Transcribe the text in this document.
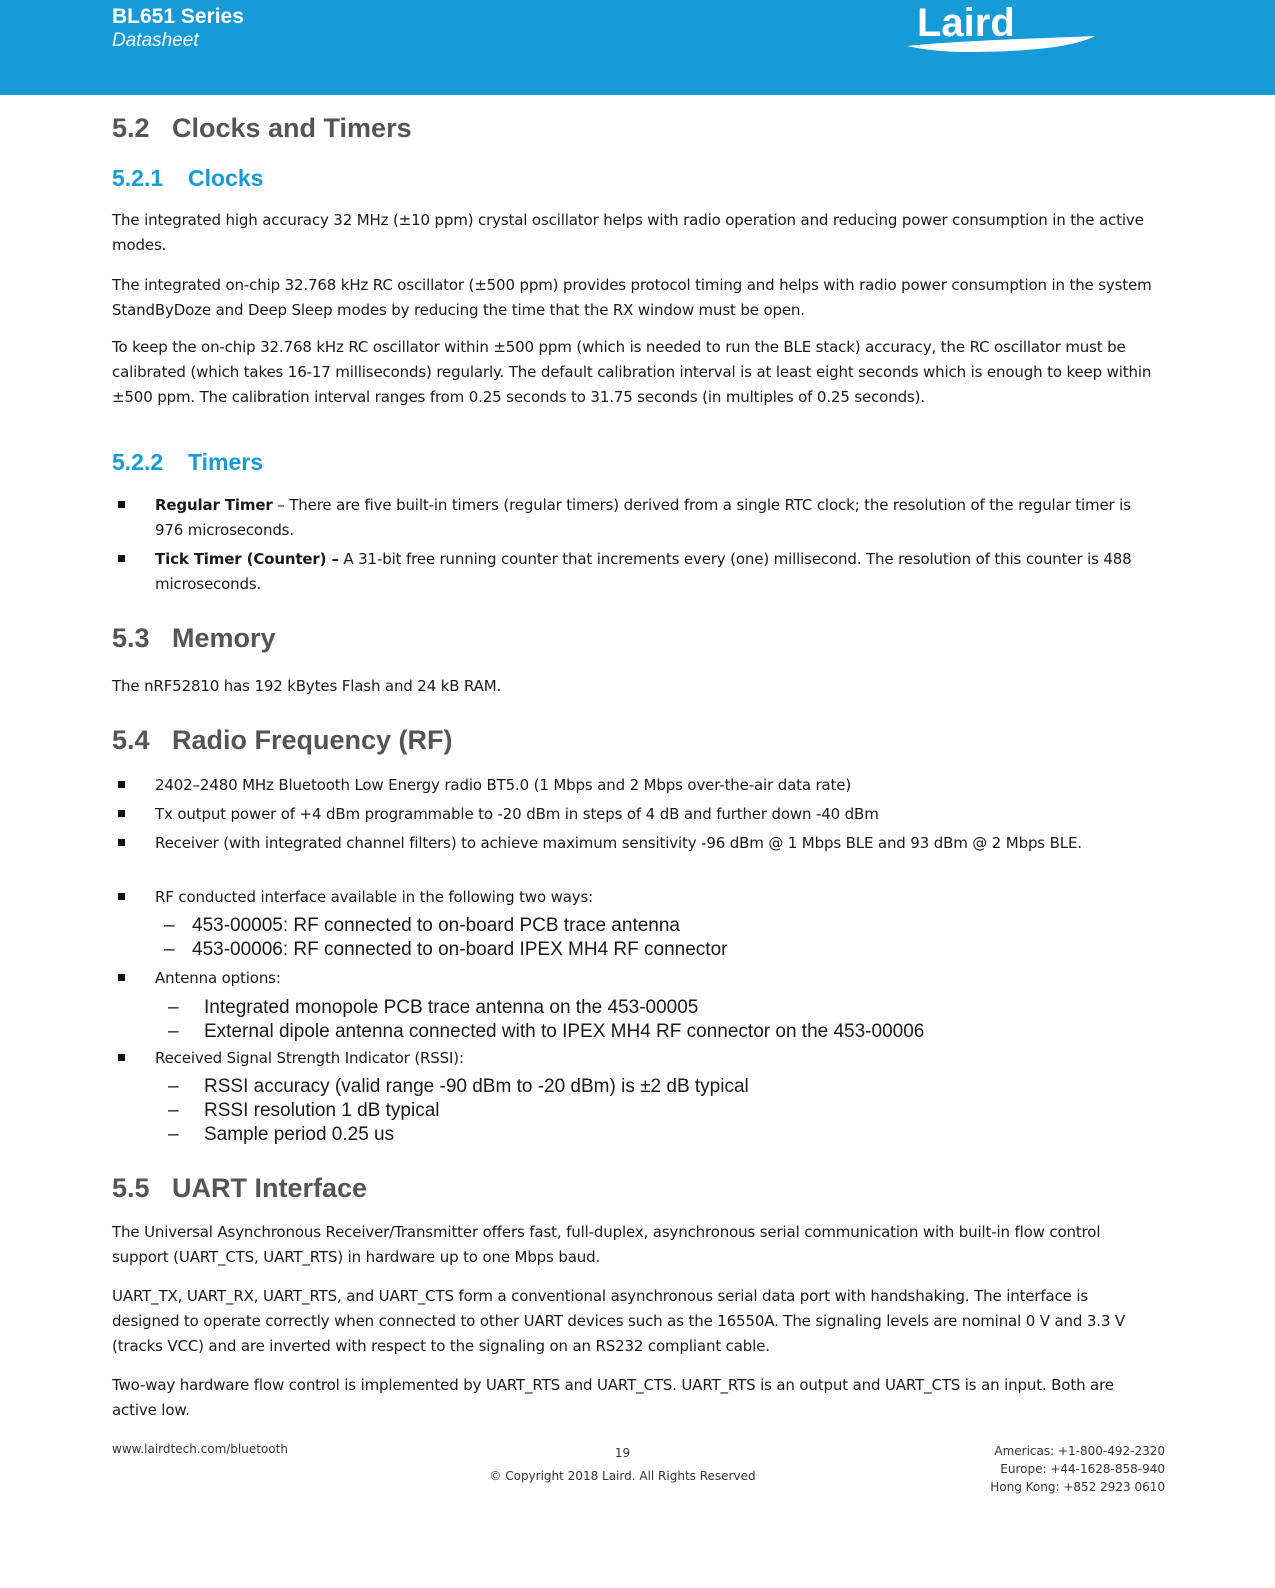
BL651 Series
Datasheet	Laird
5.2 Clocks and Timers
5.2.1 Clocks

The integrated high accuracy 32 MHz (±10 ppm) crystal oscillator helps with radio operation and reducing power consumption in the active modes.

The integrated on-chip 32.768 kHz RC oscillator (±500 ppm) provides protocol timing and helps with radio power consumption in the system StandByDoze and Deep Sleep modes by reducing the time that the RX window must be open.

To keep the on-chip 32.768 kHz RC oscillator within ±500 ppm (which is needed to run the BLE stack) accuracy, the RC oscillator must be calibrated (which takes 16-17 milliseconds) regularly. The default calibration interval is at least eight seconds which is enough to keep within ±500 ppm. The calibration interval ranges from 0.25 seconds to 31.75 seconds (in multiples of 0.25 seconds).

5.2.2 Timers
Regular Timer – There are five built-in timers (regular timers) derived from a single RTC clock; the resolution of the regular timer is 976 microseconds.
Tick Timer (Counter) – A 31-bit free running counter that increments every (one) millisecond. The resolution of this counter is 488 microseconds.
5.3 Memory

The nRF52810 has 192 kBytes Flash and 24 kB RAM.

5.4 Radio Frequency (RF)
2402–2480 MHz Bluetooth Low Energy radio BT5.0 (1 Mbps and 2 Mbps over-the-air data rate)
Tx output power of +4 dBm programmable to -20 dBm in steps of 4 dB and further down -40 dBm
Receiver (with integrated channel filters) to achieve maximum sensitivity -96 dBm @ 1 Mbps BLE and 93 dBm @ 2 Mbps BLE.
RF conducted interface available in the following two ways:
– 453-00005: RF connected to on-board PCB trace antenna
– 453-00006: RF connected to on-board IPEX MH4 RF connector
Antenna options:
– Integrated monopole PCB trace antenna on the 453-00005
– External dipole antenna connected with to IPEX MH4 RF connector on the 453-00006
Received Signal Strength Indicator (RSSI):
– RSSI accuracy (valid range -90 dBm to -20 dBm) is ±2 dB typical
– RSSI resolution 1 dB typical
– Sample period 0.25 us
5.5 UART Interface

The Universal Asynchronous Receiver/Transmitter offers fast, full-duplex, asynchronous serial communication with built-in flow control support (UART_CTS, UART_RTS) in hardware up to one Mbps baud.

UART_TX, UART_RX, UART_RTS, and UART_CTS form a conventional asynchronous serial data port with handshaking. The interface is designed to operate correctly when connected to other UART devices such as the 16550A. The signaling levels are nominal 0 V and 3.3 V (tracks VCC) and are inverted with respect to the signaling on an RS232 compliant cable.

Two-way hardware flow control is implemented by UART_RTS and UART_CTS. UART_RTS is an output and UART_CTS is an input. Both are active low.

www.lairdtech.com/bluetooth	19
© Copyright 2018 Laird. All Rights Reserved
Americas: +1-800-492-2320
Europe: +44-1628-858-940
Hong Kong: +852 2923 0610
